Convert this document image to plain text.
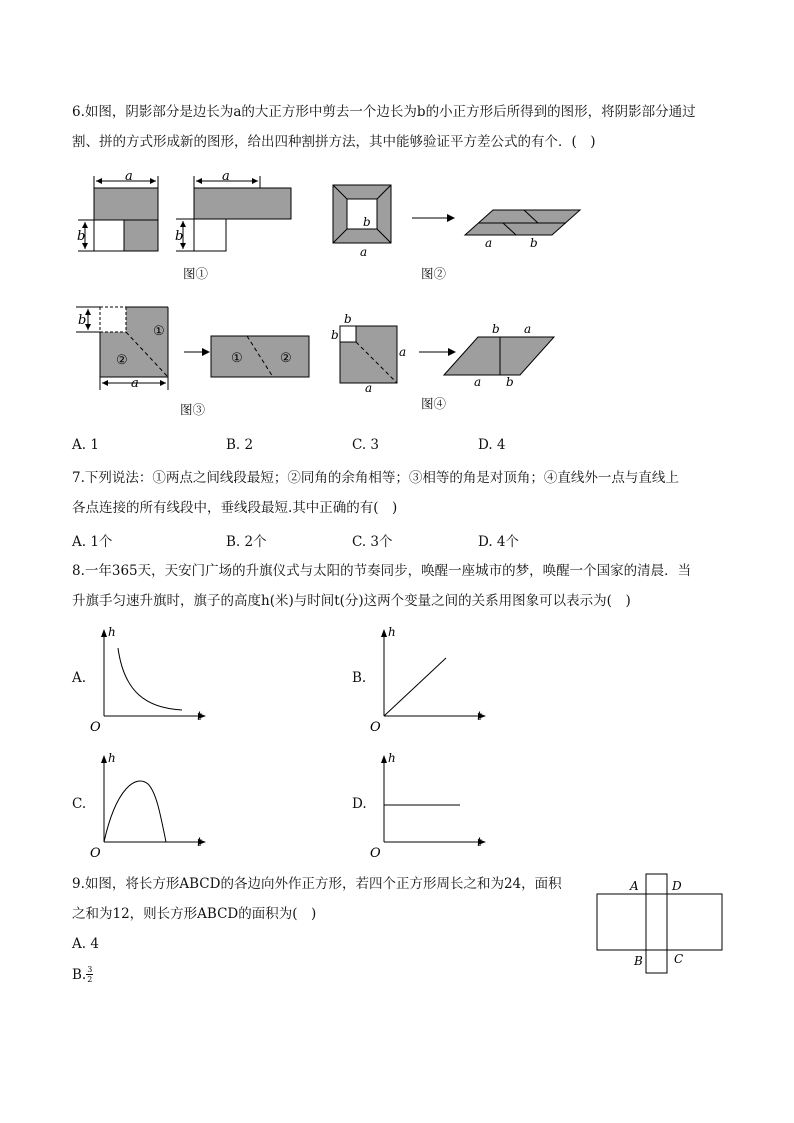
6.如图，阴影部分是边长为a的大正方形中剪去一个边长为b的小正方形后所得到的图形，将阴影部分通过
割、拼的方式形成新的图形，给出四种割拼方法，其中能够验证平方差公式的有个．(　)
a
b
a
b
图①
b
a
a	b
图②
①
②
b
a
①	②
图③
b
b
a
a
b a
a b
图④
A. 1	B. 2	C. 3	D. 4
7.下列说法：①两点之间线段最短；②同角的余角相等；③相等的角是对顶角；④直线外一点与直线上
各点连接的所有线段中，垂线段最短.其中正确的有(　)
A. 1个	B. 2个	C. 3个	D. 4个
8.一年365天，天安门广场的升旗仪式与太阳的节奏同步，唤醒一座城市的梦，唤醒一个国家的清晨．当
升旗手匀速升旗时，旗子的高度h(米)与时间t(分)这两个变量之间的关系用图象可以表示为(　)
A.
h
t
O
B.
h
t
O
C.
h
t
O
D.
h
t
O
9.如图，将长方形ABCD的各边向外作正方形，若四个正方形周长之和为24，面积
之和为12，则长方形ABCD的面积为(　)
A. 4
B. $\frac{3}{2}$
A	D
B	C
